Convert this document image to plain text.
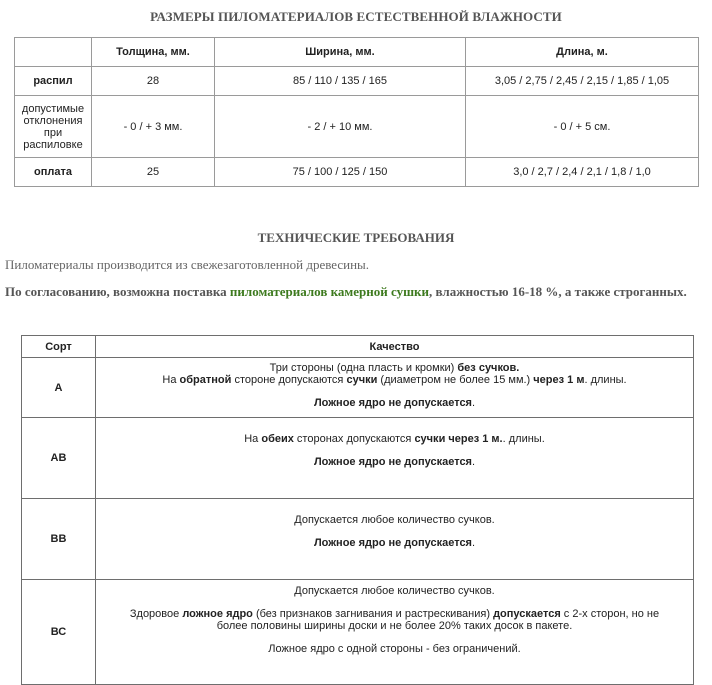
РАЗМЕРЫ ПИЛОМАТЕРИАЛОВ ЕСТЕСТВЕННОЙ ВЛАЖНОСТИ
	Толщина, мм.	Ширина, мм.	Длина, м.
распил	28	85 / 110 / 135 / 165	3,05 / 2,75 / 2,45 / 2,15 / 1,85 / 1,05
допустимые отклонения при распиловке	- 0 / + 3 мм.	- 2 / + 10 мм.	- 0 / + 5 см.
оплата	25	75 / 100 / 125 / 150	3,0 / 2,7 / 2,4 / 2,1 / 1,8 / 1,0
ТЕХНИЧЕСКИЕ ТРЕБОВАНИЯ
Пиломатериалы производится из свежезаготовленной древесины.
По согласованию, возможна поставка пиломатериалов камерной сушки, влажностью 16-18 %, а также строганных.
Сорт	Качество
А	Три стороны (одна пласть и кромки) без сучков.
На обратной стороне допускаются сучки (диаметром не более 15 мм.) через 1 м. длины.
Ложное ядро не допускается.

АВ	На обеих сторонах допускаются сучки через 1 м.. длины.
Ложное ядро не допускается.

ВВ	Допускается любое количество сучков.
Ложное ядро не допускается.

ВС	Допускается любое количество сучков.
Здоровое ложное ядро (без признаков загнивания и растрескивания) допускается с 2-х сторон, но не более половины ширины доски и не более 20% таких досок в пакете.
Ложное ядро с одной стороны - без ограничений.
